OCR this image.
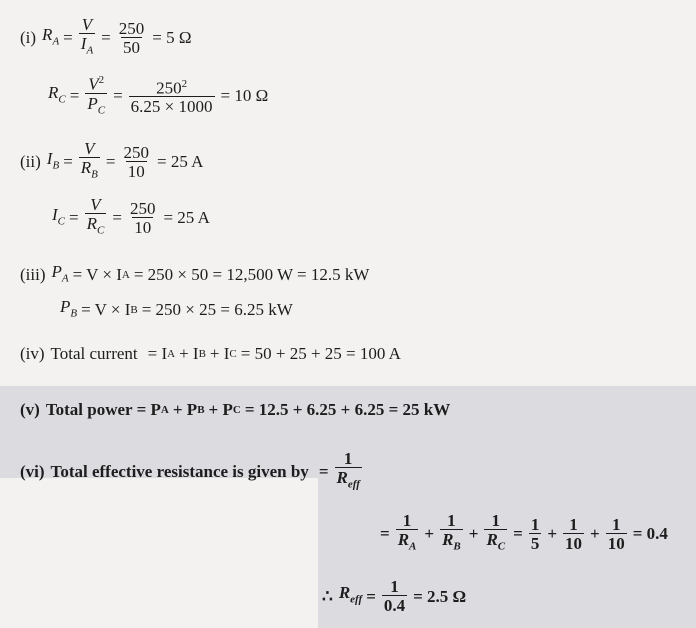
(i) $R_A = \frac{V}{I_A} = \frac{250}{50} = 5$ Ω
$R_C = \frac{V^2}{P_C} = \frac{250^2}{6.25 \times 1000} = 10$ Ω
(ii) $I_B = \frac{V}{R_B} = \frac{250}{10} = 25$ A
$I_C = \frac{V}{R_C} = \frac{250}{10} = 25$ A
(iii) $P_A = V \times I$ A = 250 × 50 = 12,500 W = 12.5 kW
$P_B = V \times I$ B = 250 × 25 = 6.25 kW
(iv) Total current = I A + I B + I C = 50 + 25 + 25 = 100 A
(v) Total power = P A + P B + P C = 12.5 + 6.25 + 6.25 = 25 kW
(vi) Total effective resistance is given by = $\frac{1}{R_{eff}}$
= $\frac{1}{R_A} + \frac{1}{R_B} + \frac{1}{R_C} = \frac{1}{5} + \frac{1}{10} + \frac{1}{10} = 0.4$
∴ $R_{eff} = \frac{1}{0.4} = 2.5$ Ω
